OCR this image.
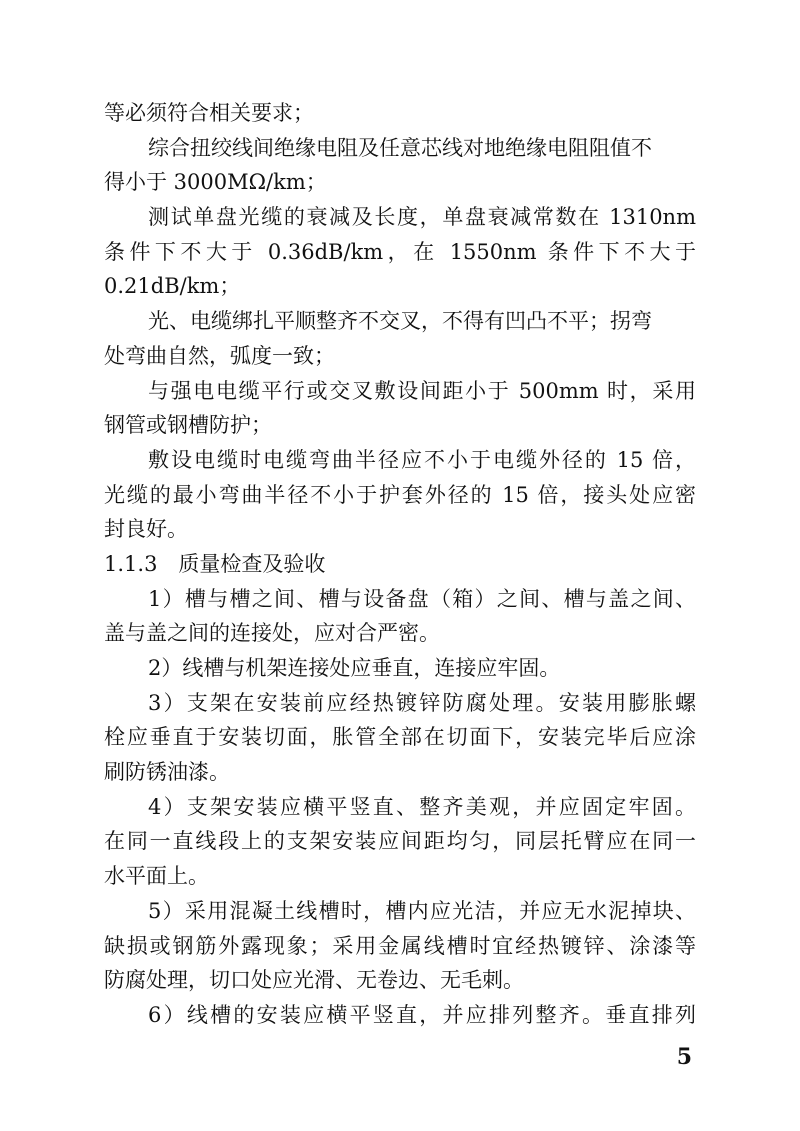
等必须符合相关要求；
综合扭绞线间绝缘电阻及任意芯线对地绝缘电阻阻值不
得小于 3000MΩ/km；
测试单盘光缆的衰减及长度，单盘衰减常数在 1310nm
条件下不大于 0.36dB/km，在 1550nm 条件下不大于
0.21dB/km；
光、电缆绑扎平顺整齐不交叉，不得有凹凸不平；拐弯
处弯曲自然，弧度一致；
与强电电缆平行或交叉敷设间距小于 500mm 时，采用
钢管或钢槽防护；
敷设电缆时电缆弯曲半径应不小于电缆外径的 15 倍，
光缆的最小弯曲半径不小于护套外径的 15 倍，接头处应密
封良好。
1.1.3　质量检查及验收
1）槽与槽之间、槽与设备盘（箱）之间、槽与盖之间、
盖与盖之间的连接处，应对合严密。
2）线槽与机架连接处应垂直，连接应牢固。
3）支架在安装前应经热镀锌防腐处理。安装用膨胀螺
栓应垂直于安装切面，胀管全部在切面下，安装完毕后应涂
刷防锈油漆。
4）支架安装应横平竖直、整齐美观，并应固定牢固。
在同一直线段上的支架安装应间距均匀，同层托臂应在同一
水平面上。
5）采用混凝土线槽时，槽内应光洁，并应无水泥掉块、
缺损或钢筋外露现象；采用金属线槽时宜经热镀锌、涂漆等
防腐处理，切口处应光滑、无卷边、无毛刺。
6）线槽的安装应横平竖直，并应排列整齐。垂直排列
5
